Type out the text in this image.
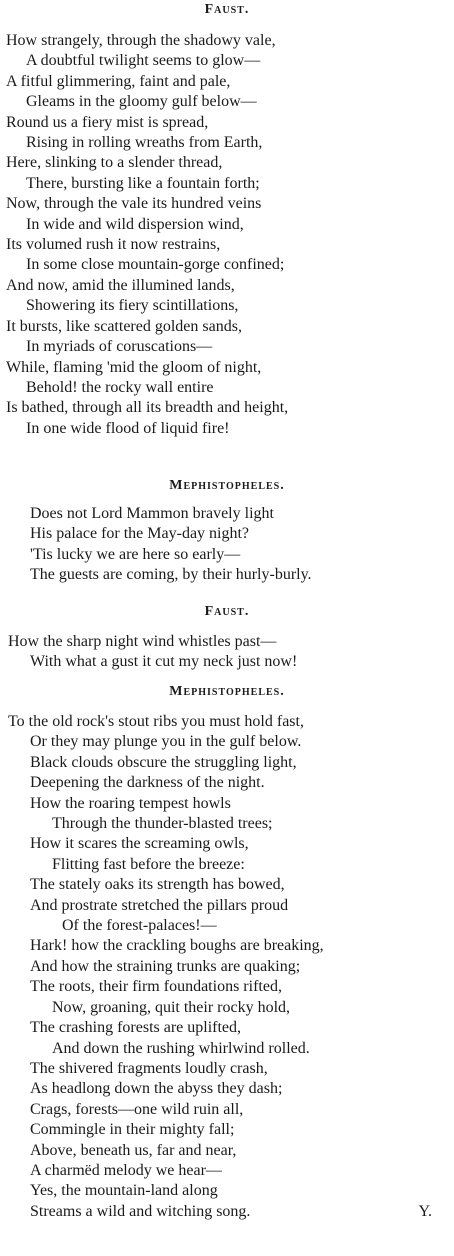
Faust.

How strangely, through the shadowy vale,

A doubtful twilight seems to glow—

A fitful glimmering, faint and pale,

Gleams in the gloomy gulf below—

Round us a fiery mist is spread,

Rising in rolling wreaths from Earth,

Here, slinking to a slender thread,

There, bursting like a fountain forth;

Now, through the vale its hundred veins

In wide and wild dispersion wind,

Its volumed rush it now restrains,

In some close mountain-gorge confined;

And now, amid the illumined lands,

Showering its fiery scintillations,

It bursts, like scattered golden sands,

In myriads of coruscations—

While, flaming 'mid the gloom of night,

Behold! the rocky wall entire

Is bathed, through all its breadth and height,

In one wide flood of liquid fire!

Mephistopheles.

Does not Lord Mammon bravely light

His palace for the May-day night?

'Tis lucky we are here so early—

The guests are coming, by their hurly-burly.

Faust.

How the sharp night wind whistles past—

With what a gust it cut my neck just now!

Mephistopheles.

To the old rock's stout ribs you must hold fast,

Or they may plunge you in the gulf below.

Black clouds obscure the struggling light,

Deepening the darkness of the night.

How the roaring tempest howls

Through the thunder-blasted trees;

How it scares the screaming owls,

Flitting fast before the breeze:

The stately oaks its strength has bowed,

And prostrate stretched the pillars proud

Of the forest-palaces!—

Hark! how the crackling boughs are breaking,

And how the straining trunks are quaking;

The roots, their firm foundations rifted,

Now, groaning, quit their rocky hold,

The crashing forests are uplifted,

And down the rushing whirlwind rolled.

The shivered fragments loudly crash,

As headlong down the abyss they dash;

Crags, forests—one wild ruin all,

Commingle in their mighty fall;

Above, beneath us, far and near,

A charmëd melody we hear—

Yes, the mountain-land along

Streams a wild and witching song.	Y.
